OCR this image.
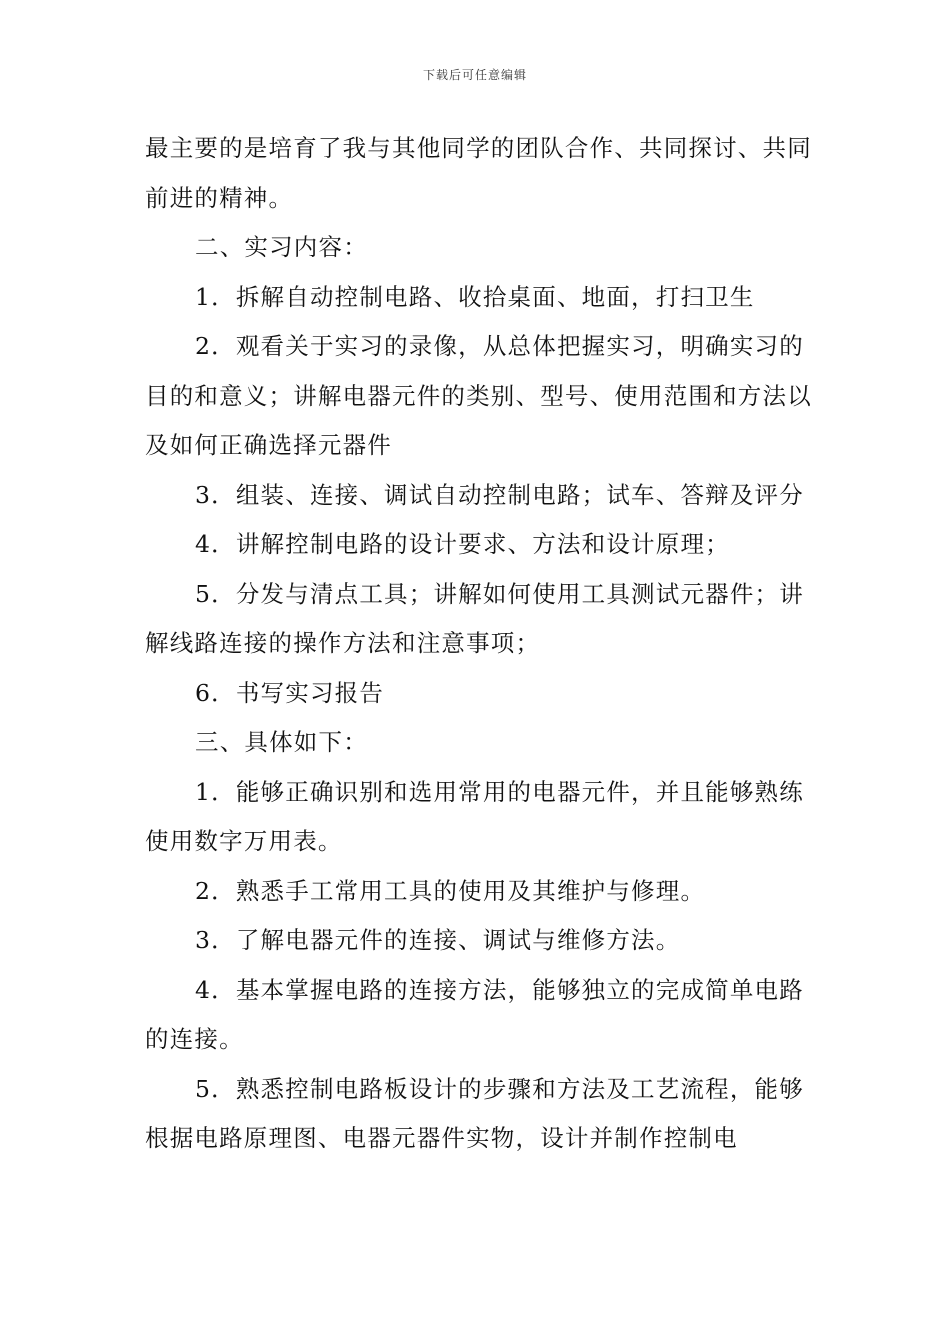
下载后可任意编辑

最主要的是培育了我与其他同学的团队合作、共同探讨、共同前进的精神。

二、实习内容：

1．拆解自动控制电路、收拾桌面、地面，打扫卫生

2．观看关于实习的录像，从总体把握实习，明确实习的目的和意义；讲解电器元件的类别、型号、使用范围和方法以及如何正确选择元器件

3．组装、连接、调试自动控制电路；试车、答辩及评分

4．讲解控制电路的设计要求、方法和设计原理；

5．分发与清点工具；讲解如何使用工具测试元器件；讲解线路连接的操作方法和注意事项；

6．书写实习报告

三、具体如下：

1．能够正确识别和选用常用的电器元件，并且能够熟练使用数字万用表。

2．熟悉手工常用工具的使用及其维护与修理。

3．了解电器元件的连接、调试与维修方法。

4．基本掌握电路的连接方法，能够独立的完成简单电路的连接。

5．熟悉控制电路板设计的步骤和方法及工艺流程，能够根据电路原理图、电器元器件实物，设计并制作控制电
